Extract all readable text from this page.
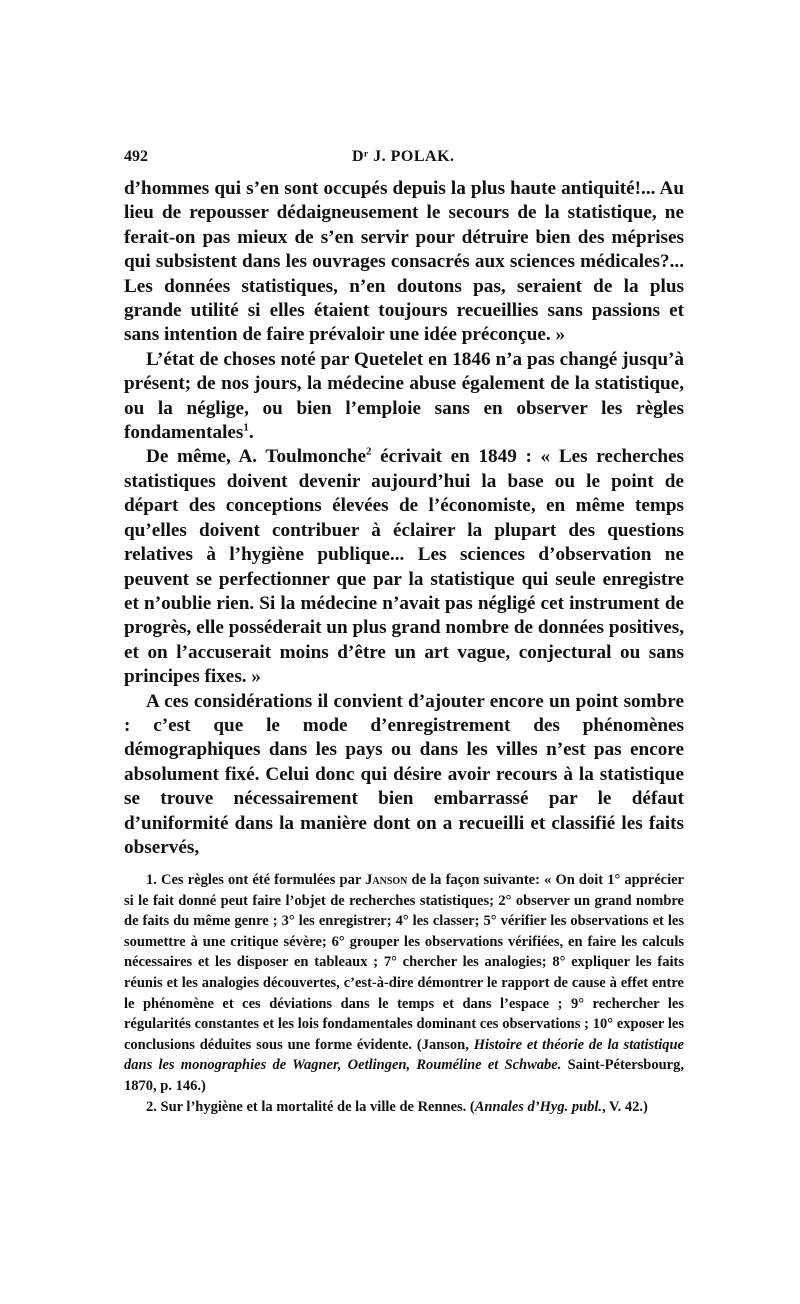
492	Dʳ J. POLAK.

d’hommes qui s’en sont occupés depuis la plus haute antiquité!... Au lieu de repousser dédaigneusement le secours de la statistique, ne ferait-on pas mieux de s’en servir pour détruire bien des méprises qui subsistent dans les ouvrages consacrés aux sciences médicales?... Les données statistiques, n’en doutons pas, seraient de la plus grande utilité si elles étaient toujours recueillies sans passions et sans intention de faire prévaloir une idée préconçue. »

L’état de choses noté par Quetelet en 1846 n’a pas changé jusqu’à présent; de nos jours, la médecine abuse également de la statistique, ou la néglige, ou bien l’emploie sans en observer les règles fondamentales$^1$.

De même, A. Toulmonche$^2$ écrivait en 1849 : « Les recherches statistiques doivent devenir aujourd’hui la base ou le point de départ des conceptions élevées de l’économiste, en même temps qu’elles doivent contribuer à éclairer la plupart des questions relatives à l’hygiène publique... Les sciences d’observation ne peuvent se perfectionner que par la statistique qui seule enregistre et n’oublie rien. Si la médecine n’avait pas négligé cet instrument de progrès, elle posséderait un plus grand nombre de données positives, et on l’accuserait moins d’être un art vague, conjectural ou sans principes fixes. »

A ces considérations il convient d’ajouter encore un point sombre : c’est que le mode d’enregistrement des phénomènes démographiques dans les pays ou dans les villes n’est pas encore absolument fixé. Celui donc qui désire avoir recours à la statistique se trouve nécessairement bien embarrassé par le défaut d’uniformité dans la manière dont on a recueilli et classifié les faits observés,

1. Ces règles ont été formulées par Janson de la façon suivante: « On doit 1° apprécier si le fait donné peut faire l’objet de recherches statistiques; 2° observer un grand nombre de faits du même genre ; 3° les enregistrer; 4° les classer; 5° vérifier les observations et les soumettre à une critique sévère; 6° grouper les observations vérifiées, en faire les calculs nécessaires et les disposer en tableaux ; 7° chercher les analogies; 8° expliquer les faits réunis et les analogies découvertes, c’est-à-dire démontrer le rapport de cause à effet entre le phénomène et ces déviations dans le temps et dans l’espace ; 9° rechercher les régularités constantes et les lois fondamentales dominant ces observations ; 10° exposer les conclusions déduites sous une forme évidente. (Janson, Histoire et théorie de la statistique dans les monographies de Wagner, Oetlingen, Rouméline et Schwabe. Saint-Pétersbourg, 1870, p. 146.)

2. Sur l’hygiène et la mortalité de la ville de Rennes. (Annales d’Hyg. publ., V. 42.)
